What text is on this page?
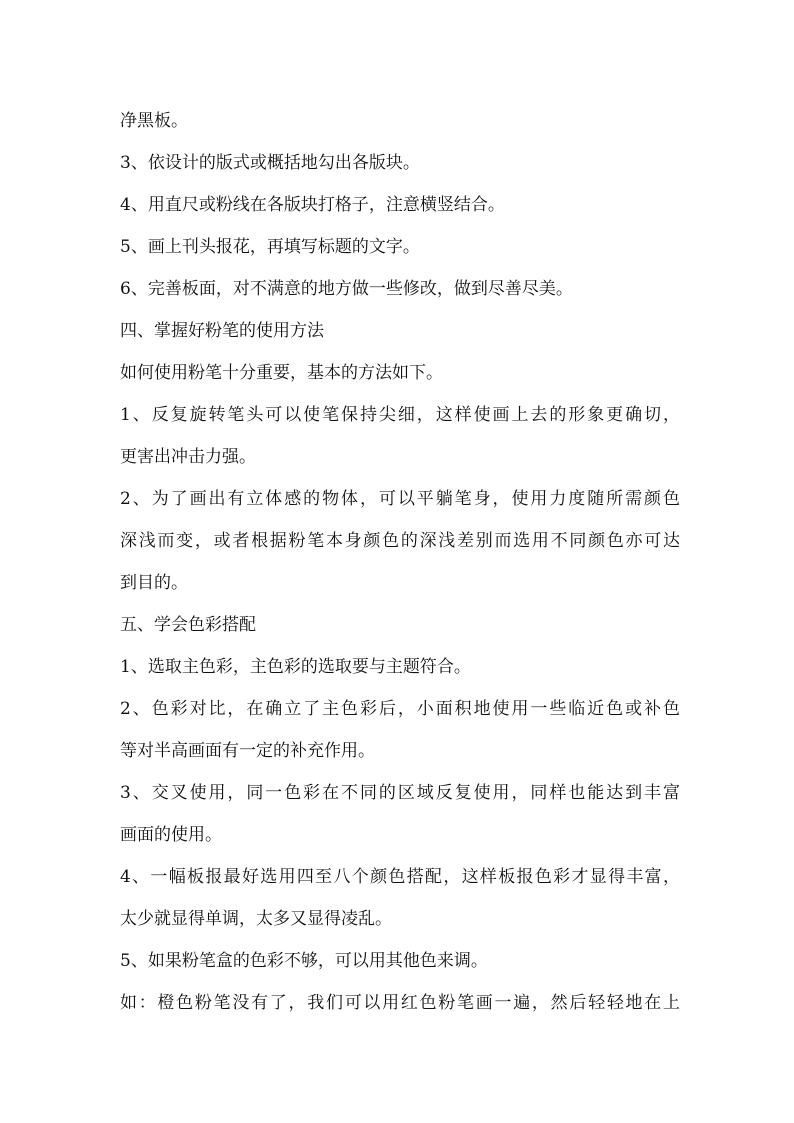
净黑板。
3、依设计的版式或概括地勾出各版块。
4、用直尺或粉线在各版块打格子，注意横竖结合。
5、画上刊头报花，再填写标题的文字。
6、完善板面，对不满意的地方做一些修改，做到尽善尽美。
四、掌握好粉笔的使用方法
如何使用粉笔十分重要，基本的方法如下。
1、反复旋转笔头可以使笔保持尖细，这样使画上去的形象更确切，
更害出冲击力强。
2、为了画出有立体感的物体，可以平躺笔身，使用力度随所需颜色
深浅而变，或者根据粉笔本身颜色的深浅差别而选用不同颜色亦可达
到目的。
五、学会色彩搭配
1、选取主色彩，主色彩的选取要与主题符合。
2、色彩对比，在确立了主色彩后，小面积地使用一些临近色或补色
等对半高画面有一定的补充作用。
3、交叉使用，同一色彩在不同的区域反复使用，同样也能达到丰富
画面的使用。
4、一幅板报最好选用四至八个颜色搭配，这样板报色彩才显得丰富，
太少就显得单调，太多又显得凌乱。
5、如果粉笔盒的色彩不够，可以用其他色来调。
如：橙色粉笔没有了，我们可以用红色粉笔画一遍，然后轻轻地在上
